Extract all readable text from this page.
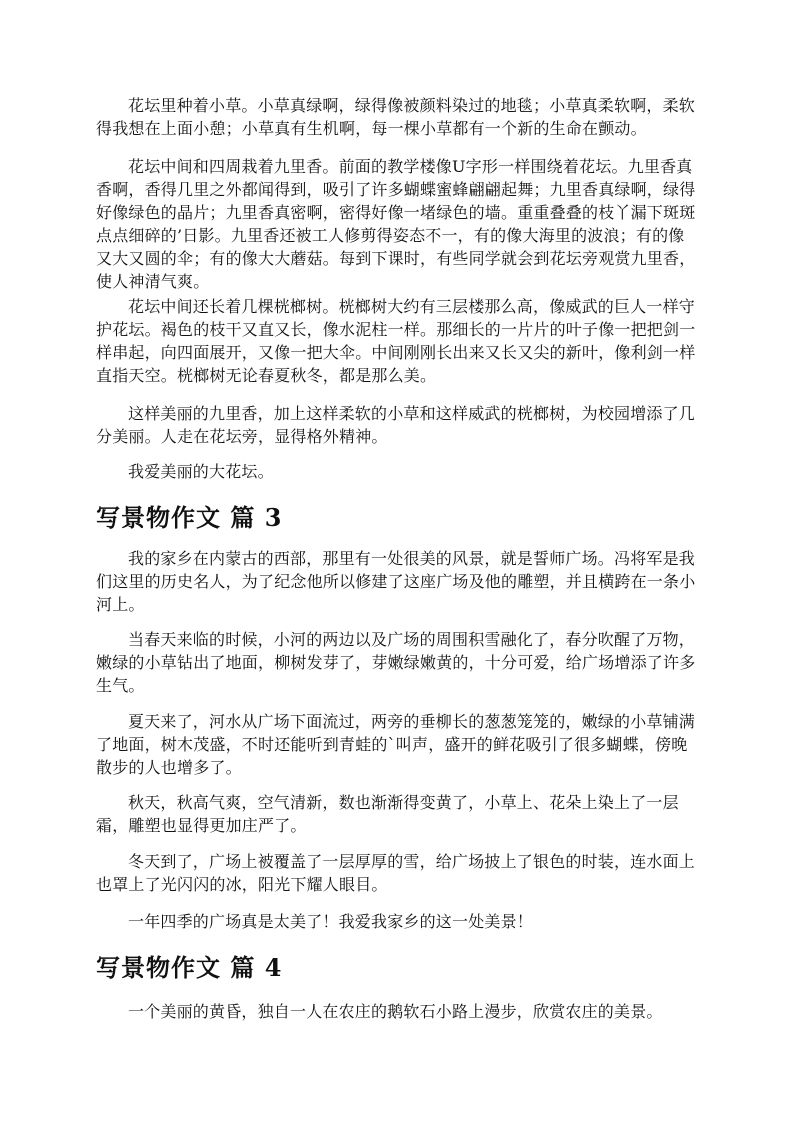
花坛里种着小草。小草真绿啊，绿得像被颜料染过的地毯；小草真柔软啊，柔软得我想在上面小憩；小草真有生机啊，每一棵小草都有一个新的生命在颤动。

花坛中间和四周栽着九里香。前面的教学楼像U字形一样围绕着花坛。九里香真香啊，香得几里之外都闻得到，吸引了许多蝴蝶蜜蜂翩翩起舞；九里香真绿啊，绿得好像绿色的晶片；九里香真密啊，密得好像一堵绿色的墙。重重叠叠的枝丫漏下斑斑点点细碎的’日影。九里香还被工人修剪得姿态不一，有的像大海里的波浪；有的像又大又圆的伞；有的像大大蘑菇。每到下课时，有些同学就会到花坛旁观赏九里香，使人神清气爽。

花坛中间还长着几棵桄榔树。桄榔树大约有三层楼那么高，像威武的巨人一样守护花坛。褐色的枝干又直又长，像水泥柱一样。那细长的一片片的叶子像一把把剑一样串起，向四面展开，又像一把大伞。中间刚刚长出来又长又尖的新叶，像利剑一样直指天空。桄榔树无论春夏秋冬，都是那么美。

这样美丽的九里香，加上这样柔软的小草和这样威武的桄榔树，为校园增添了几分美丽。人走在花坛旁，显得格外精神。

我爱美丽的大花坛。

写景物作文 篇 3

我的家乡在内蒙古的西部，那里有一处很美的风景，就是誓师广场。冯将军是我们这里的历史名人，为了纪念他所以修建了这座广场及他的雕塑，并且横跨在一条小河上。

当春天来临的时候，小河的两边以及广场的周围积雪融化了，春分吹醒了万物，嫩绿的小草钻出了地面，柳树发芽了，芽嫩绿嫩黄的，十分可爱，给广场增添了许多生气。

夏天来了，河水从广场下面流过，两旁的垂柳长的葱葱笼笼的，嫩绿的小草铺满了地面，树木茂盛，不时还能听到青蛙的`叫声，盛开的鲜花吸引了很多蝴蝶，傍晚散步的人也增多了。

秋天，秋高气爽，空气清新，数也渐渐得变黄了，小草上、花朵上染上了一层霜，雕塑也显得更加庄严了。

冬天到了，广场上被覆盖了一层厚厚的雪，给广场披上了银色的时装，连水面上也罩上了光闪闪的冰，阳光下耀人眼目。

一年四季的广场真是太美了！我爱我家乡的这一处美景！

写景物作文 篇 4

一个美丽的黄昏，独自一人在农庄的鹅软石小路上漫步，欣赏农庄的美景。
